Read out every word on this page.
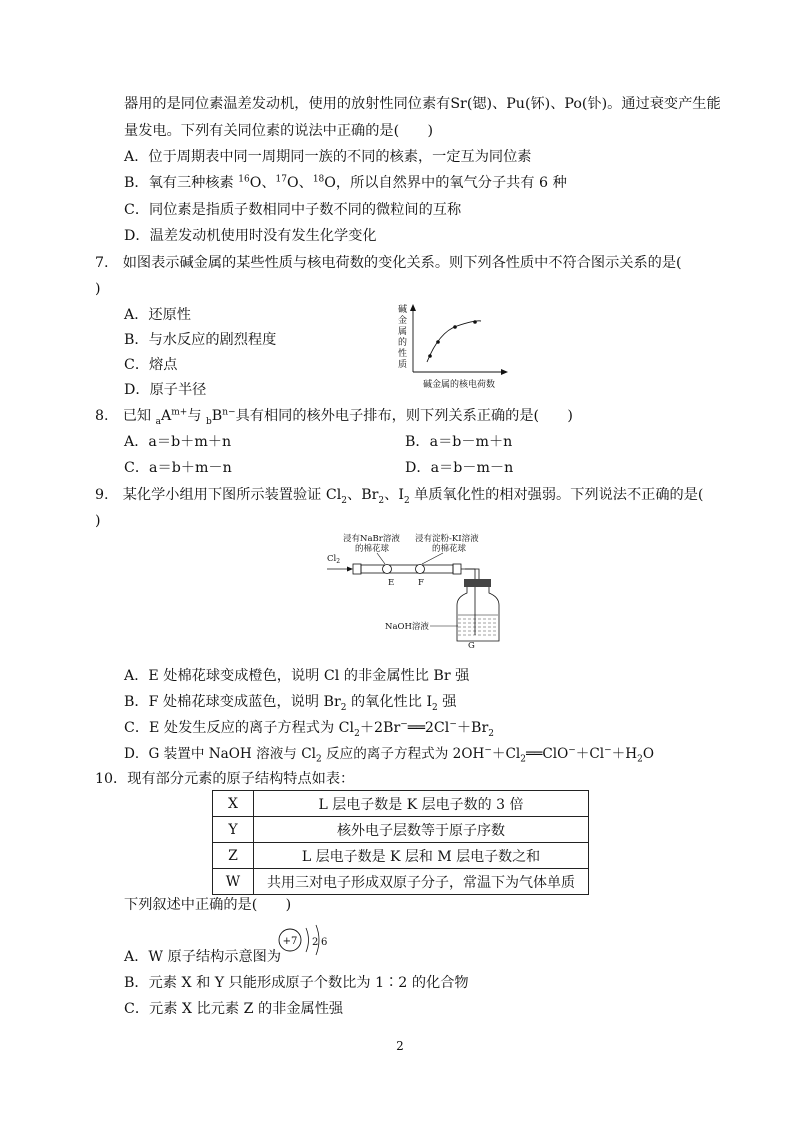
器用的是同位素温差发动机，使用的放射性同位素有Sr(锶)、Pu(钚)、Po(钋)。通过衰变产生能
量发电。下列有关同位素的说法中正确的是(　　)
A．位于周期表中同一周期同一族的不同的核素，一定互为同位素
B．氧有三种核素 $^{16}$O、$^{17}$O、$^{18}$O，所以自然界中的氧气分子共有 6 种
C．同位素是指质子数相同中子数不同的微粒间的互称
D．温差发动机使用时没有发生化学变化
7.　如图表示碱金属的某些性质与核电荷数的变化关系。则下列各性质中不符合图示关系的是(
)
A．还原性
B．与水反应的剧烈程度
C．熔点
D．原子半径
碱
金
属
的
性
质
碱金属的核电荷数
8.　已知 $_aA^{m+}$与 $_bB^{n-}$具有相同的核外电子排布，则下列关系正确的是(　　)
A．a＝b＋m＋n	B．a＝b－m＋n
C．a＝b＋m－n	D．a＝b－m－n
9.　某化学小组用下图所示装置验证 $Cl_2$、$Br_2$、$I_2$ 单质氧化性的相对强弱。下列说法不正确的是(
)
浸有NaBr溶液
的棉花球
浸有淀粉-KI溶液
的棉花球
$Cl_2$
E	F
NaOH溶液
G
A．E 处棉花球变成橙色，说明 Cl 的非金属性比 Br 强
B．F 处棉花球变成蓝色，说明 $Br_2$ 的氧化性比 $I_2$ 强
C．E 处发生反应的离子方程式为 $Cl_2+2Br^-══2Cl^-+Br_2$
D．G 装置中 NaOH 溶液与 $Cl_2$ 反应的离子方程式为 $2OH^-+Cl_2══ClO^-+Cl^-+H_2O$
10．现有部分元素的原子结构特点如表：
X	L 层电子数是 K 层电子数的 3 倍
Y	核外电子层数等于原子序数
Z	L 层电子数是 K 层和 M 层电子数之和
W	共用三对电子形成双原子分子，常温下为气体单质
下列叙述中正确的是(　　)
+7 2 6
A．W 原子结构示意图为
B．元素 X 和 Y 只能形成原子个数比为 1∶2 的化合物
C．元素 X 比元素 Z 的非金属性强
2
